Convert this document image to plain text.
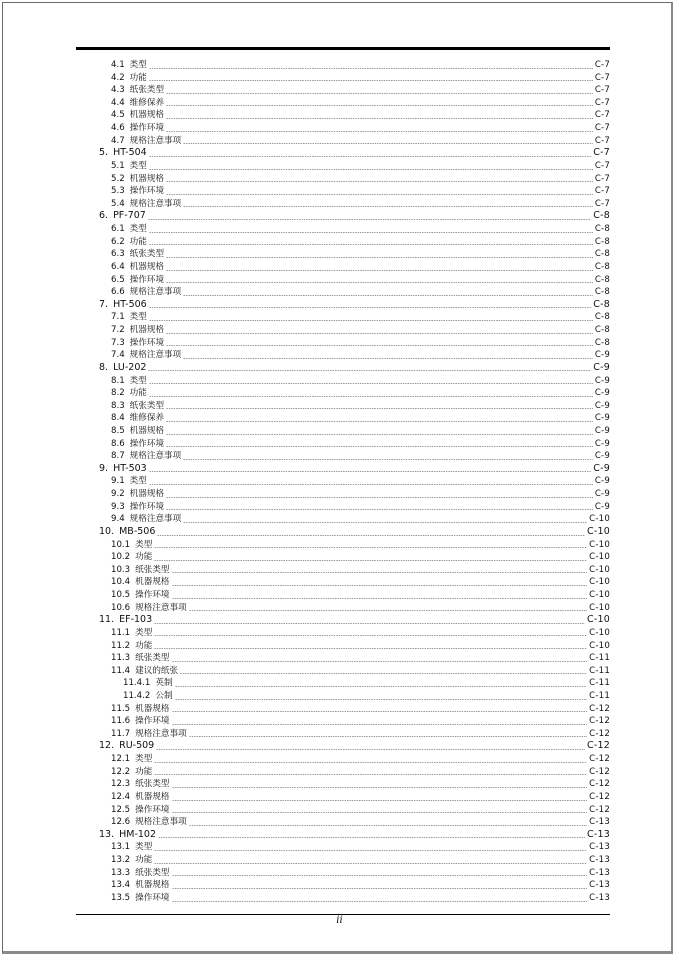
4.1 类型	C-7
4.2 功能	C-7
4.3 纸张类型	C-7
4.4 维修保养	C-7
4.5 机器规格	C-7
4.6 操作环境	C-7
4.7 规格注意事项	C-7
5. HT-504	C-7
5.1 类型	C-7
5.2 机器规格	C-7
5.3 操作环境	C-7
5.4 规格注意事项	C-7
6. PF-707	C-8
6.1 类型	C-8
6.2 功能	C-8
6.3 纸张类型	C-8
6.4 机器规格	C-8
6.5 操作环境	C-8
6.6 规格注意事项	C-8
7. HT-506	C-8
7.1 类型	C-8
7.2 机器规格	C-8
7.3 操作环境	C-8
7.4 规格注意事项	C-9
8. LU-202	C-9
8.1 类型	C-9
8.2 功能	C-9
8.3 纸张类型	C-9
8.4 维修保养	C-9
8.5 机器规格	C-9
8.6 操作环境	C-9
8.7 规格注意事项	C-9
9. HT-503	C-9
9.1 类型	C-9
9.2 机器规格	C-9
9.3 操作环境	C-9
9.4 规格注意事项	C-10
10. MB-506	C-10
10.1 类型	C-10
10.2 功能	C-10
10.3 纸张类型	C-10
10.4 机器规格	C-10
10.5 操作环境	C-10
10.6 规格注意事项	C-10
11. EF-103	C-10
11.1 类型	C-10
11.2 功能	C-10
11.3 纸张类型	C-11
11.4 建议的纸张	C-11
11.4.1 英制	C-11
11.4.2 公制	C-11
11.5 机器规格	C-12
11.6 操作环境	C-12
11.7 规格注意事项	C-12
12. RU-509	C-12
12.1 类型	C-12
12.2 功能	C-12
12.3 纸张类型	C-12
12.4 机器规格	C-12
12.5 操作环境	C-12
12.6 规格注意事项	C-13
13. HM-102	C-13
13.1 类型	C-13
13.2 功能	C-13
13.3 纸张类型	C-13
13.4 机器规格	C-13
13.5 操作环境	C-13
ii
